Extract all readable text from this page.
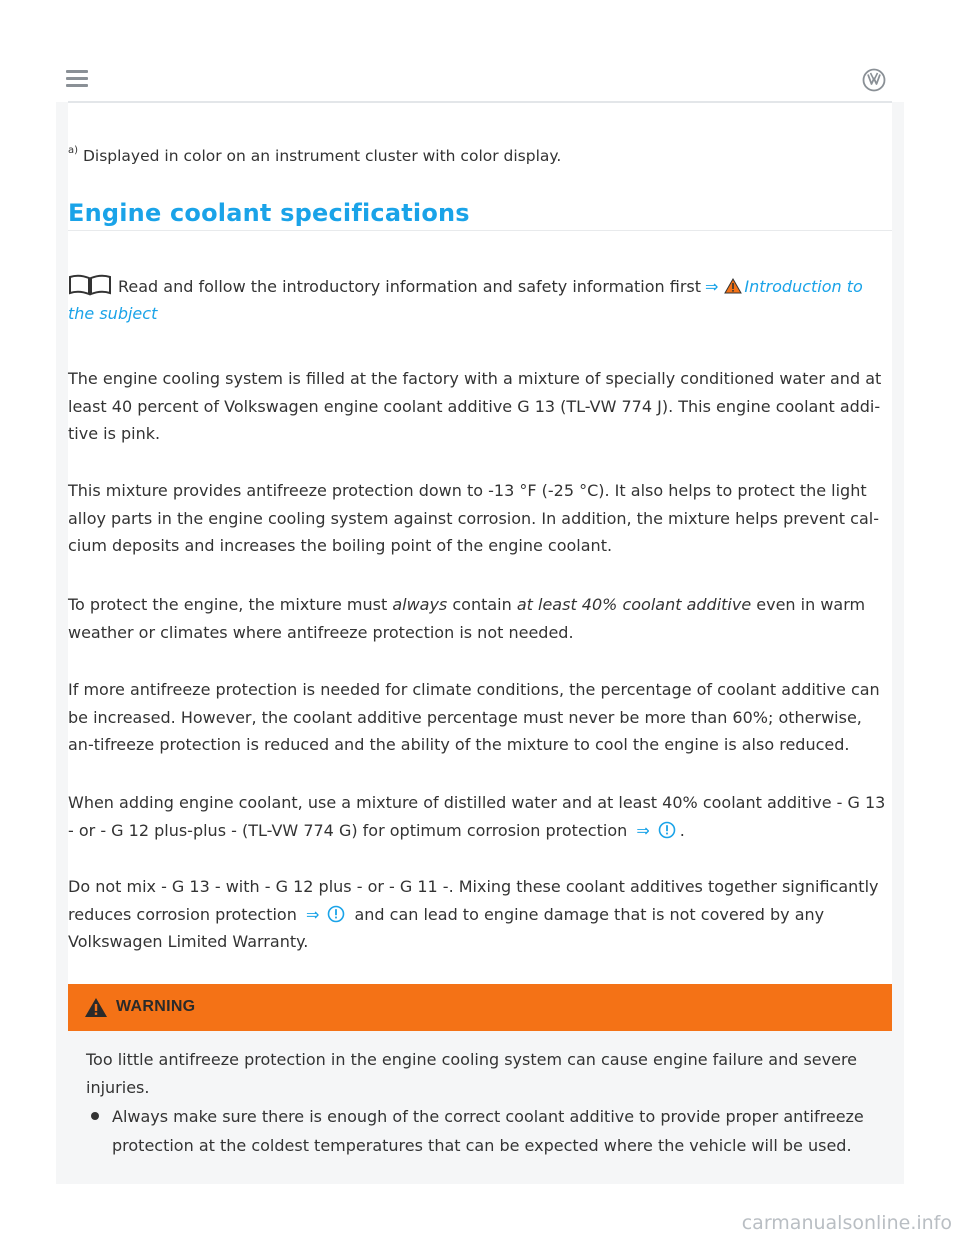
$^{a)}$ Displayed in color on an instrument cluster with color display.
Engine coolant specifications
Read and follow the introductory information and safety information first ⇒ Introduction to the subject

The engine cooling system is filled at the factory with a mixture of specially conditioned water and at least 40 percent of Volkswagen engine coolant additive G 13 (TL-VW 774 J). This engine coolant addi-tive is pink.

This mixture provides antifreeze protection down to -13 °F (-25 °C). It also helps to protect the light alloy parts in the engine cooling system against corrosion. In addition, the mixture helps prevent cal-cium deposits and increases the boiling point of the engine coolant.

To protect the engine, the mixture must always contain at least 40% coolant additive even in warm weather or climates where antifreeze protection is not needed.

If more antifreeze protection is needed for climate conditions, the percentage of coolant additive can be increased. However, the coolant additive percentage must never be more than 60%; otherwise, an-tifreeze protection is reduced and the ability of the mixture to cool the engine is also reduced.

When adding engine coolant, use a mixture of distilled water and at least 40% coolant additive - G 13 - or - G 12 plus-plus - (TL-VW 774 G) for optimum corrosion protection ⇒ .

Do not mix - G 13 - with - G 12 plus - or - G 11 -. Mixing these coolant additives together significantly reduces corrosion protection ⇒ and can lead to engine damage that is not covered by any Volkswagen Limited Warranty.

WARNING
Too little antifreeze protection in the engine cooling system can cause engine failure and severe injuries.
Always make sure there is enough of the correct coolant additive to provide proper antifreeze protection at the coldest temperatures that can be expected where the vehicle will be used.
carmanualsonline.info
